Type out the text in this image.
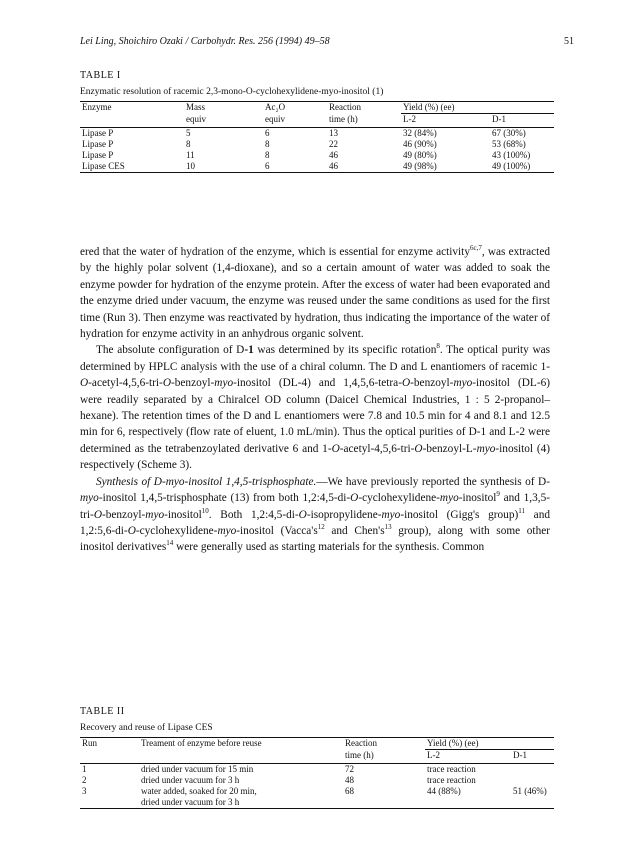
Lei Ling, Shoichiro Ozaki / Carbohydr. Res. 256 (1994) 49–58	51
TABLE I
Enzymatic resolution of racemic 2,3-mono-O-cyclohexylidene-myo-inositol (1)
Enzyme	Mass	Ac₂O	Reaction	Yield (%) (ee)	
	equiv	equiv	time (h)	L-2	D-1

Lipase P	5	6	13	32 (84%)	67 (30%)
Lipase P	8	8	22	46 (90%)	53 (68%)
Lipase P	11	8	46	49 (80%)	43 (100%)
Lipase CES	10	6	46	49 (98%)	49 (100%)

ered that the water of hydration of the enzyme, which is essential for enzyme activity$^{6c,7}$, was extracted by the highly polar solvent (1,4-dioxane), and so a certain amount of water was added to soak the enzyme powder for hydration of the enzyme protein. After the excess of water had been evaporated and the enzyme dried under vacuum, the enzyme was reused under the same conditions as used for the first time (Run 3). Then enzyme was reactivated by hydration, thus indicating the importance of the water of hydration for enzyme activity in an anhydrous organic solvent.

The absolute configuration of D-1 was determined by its specific rotation$^8$. The optical purity was determined by HPLC analysis with the use of a chiral column. The D and L enantiomers of racemic 1-O-acetyl-4,5,6-tri-O-benzoyl-myo-inositol (DL-4) and 1,4,5,6-tetra-O-benzoyl-myo-inositol (DL-6) were readily separated by a Chiralcel OD column (Daicel Chemical Industries, 1 : 5 2-propanol–hexane). The retention times of the D and L enantiomers were 7.8 and 10.5 min for 4 and 8.1 and 12.5 min for 6, respectively (flow rate of eluent, 1.0 mL/min). Thus the optical purities of D-1 and L-2 were determined as the tetrabenzoylated derivative 6 and 1-O-acetyl-4,5,6-tri-O-benzoyl-L-myo-inositol (4) respectively (Scheme 3).

Synthesis of D-myo-inositol 1,4,5-trisphosphate.—We have previously reported the synthesis of D-myo-inositol 1,4,5-trisphosphate (13) from both 1,2:4,5-di-O-cyclohexylidene-myo-inositol$^9$ and 1,3,5-tri-O-benzoyl-myo-inositol$^{10}$. Both 1,2:4,5-di-O-isopropylidene-myo-inositol (Gigg's group)$^{11}$ and 1,2:5,6-di-O-cyclohexylidene-myo-inositol ($Vacca's^{12}$ and $Chen's^{13}$ group), along with some other inositol derivatives$^{14}$ were generally used as starting materials for the synthesis. Common

TABLE II
Recovery and reuse of Lipase CES
Run	Treament of enzyme before reuse	Reaction	Yield (%) (ee)	
		time (h)	L-2	D-1

1	dried under vacuum for 15 min	72	trace reaction	
2	dried under vacuum for 3 h	48	trace reaction	
3	water added, soaked for 20 min,	68	44 (88%)	51 (46%)
	dried under vacuum for 3 h			
